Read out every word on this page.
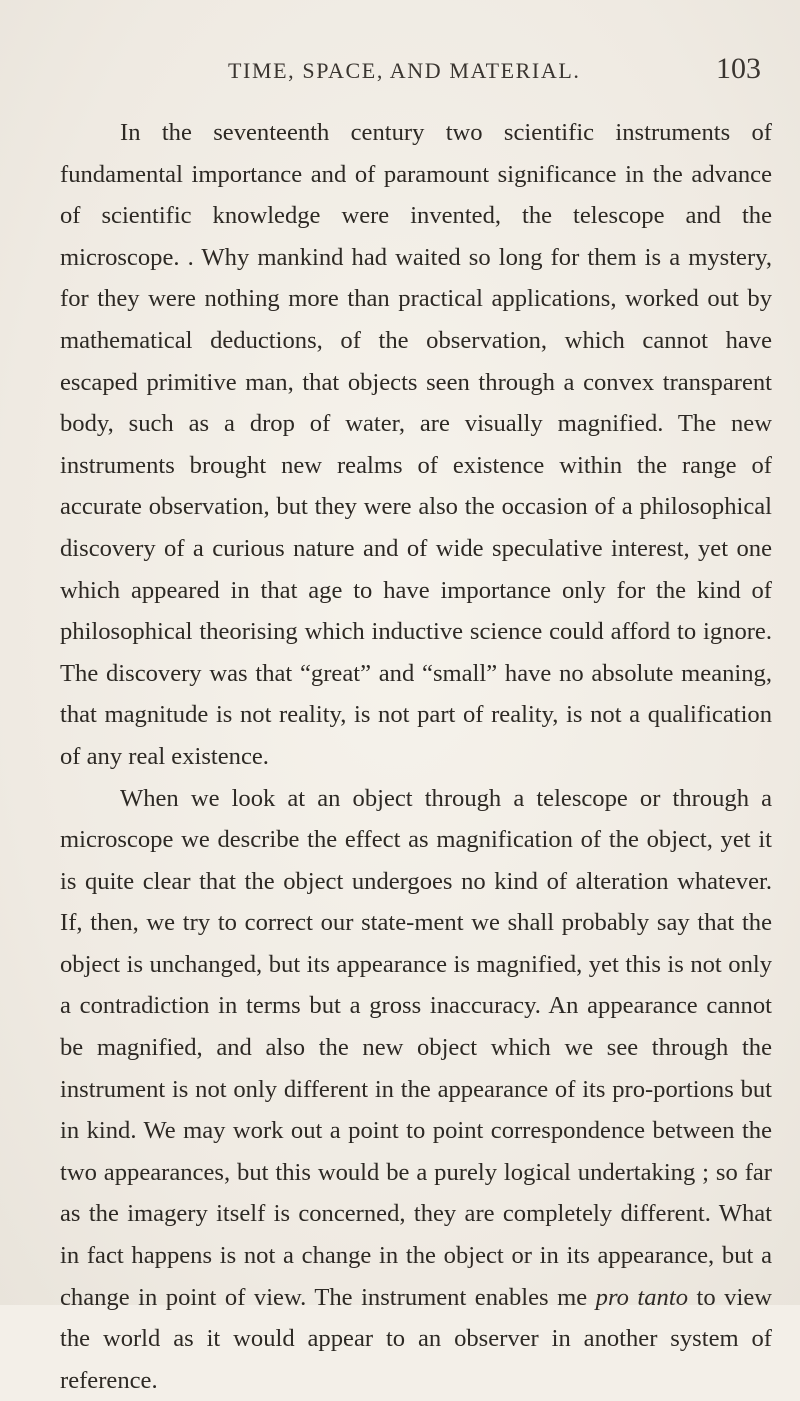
TIME, SPACE, AND MATERIAL.	103

In the seventeenth century two scientific instruments of fundamental importance and of paramount significance in the advance of scientific knowledge were invented, the telescope and the microscope. . Why mankind had waited so long for them is a mystery, for they were nothing more than practical applications, worked out by mathematical deductions, of the observation, which cannot have escaped primitive man, that objects seen through a convex transparent body, such as a drop of water, are visually magnified. The new instruments brought new realms of existence within the range of accurate observation, but they were also the occasion of a philosophical discovery of a curious nature and of wide speculative interest, yet one which appeared in that age to have importance only for the kind of philosophical theorising which inductive science could afford to ignore. The discovery was that “great” and “small” have no absolute meaning, that magnitude is not reality, is not part of reality, is not a qualification of any real existence.

When we look at an object through a telescope or through a microscope we describe the effect as magnification of the object, yet it is quite clear that the object undergoes no kind of alteration whatever. If, then, we try to correct our state-ment we shall probably say that the object is unchanged, but its appearance is magnified, yet this is not only a contradiction in terms but a gross inaccuracy. An appearance cannot be magnified, and also the new object which we see through the instrument is not only different in the appearance of its pro-portions but in kind. We may work out a point to point correspondence between the two appearances, but this would be a purely logical undertaking ; so far as the imagery itself is concerned, they are completely different. What in fact happens is not a change in the object or in its appearance, but a change in point of view. The instrument enables me pro tanto to view the world as it would appear to an observer in another system of reference.
